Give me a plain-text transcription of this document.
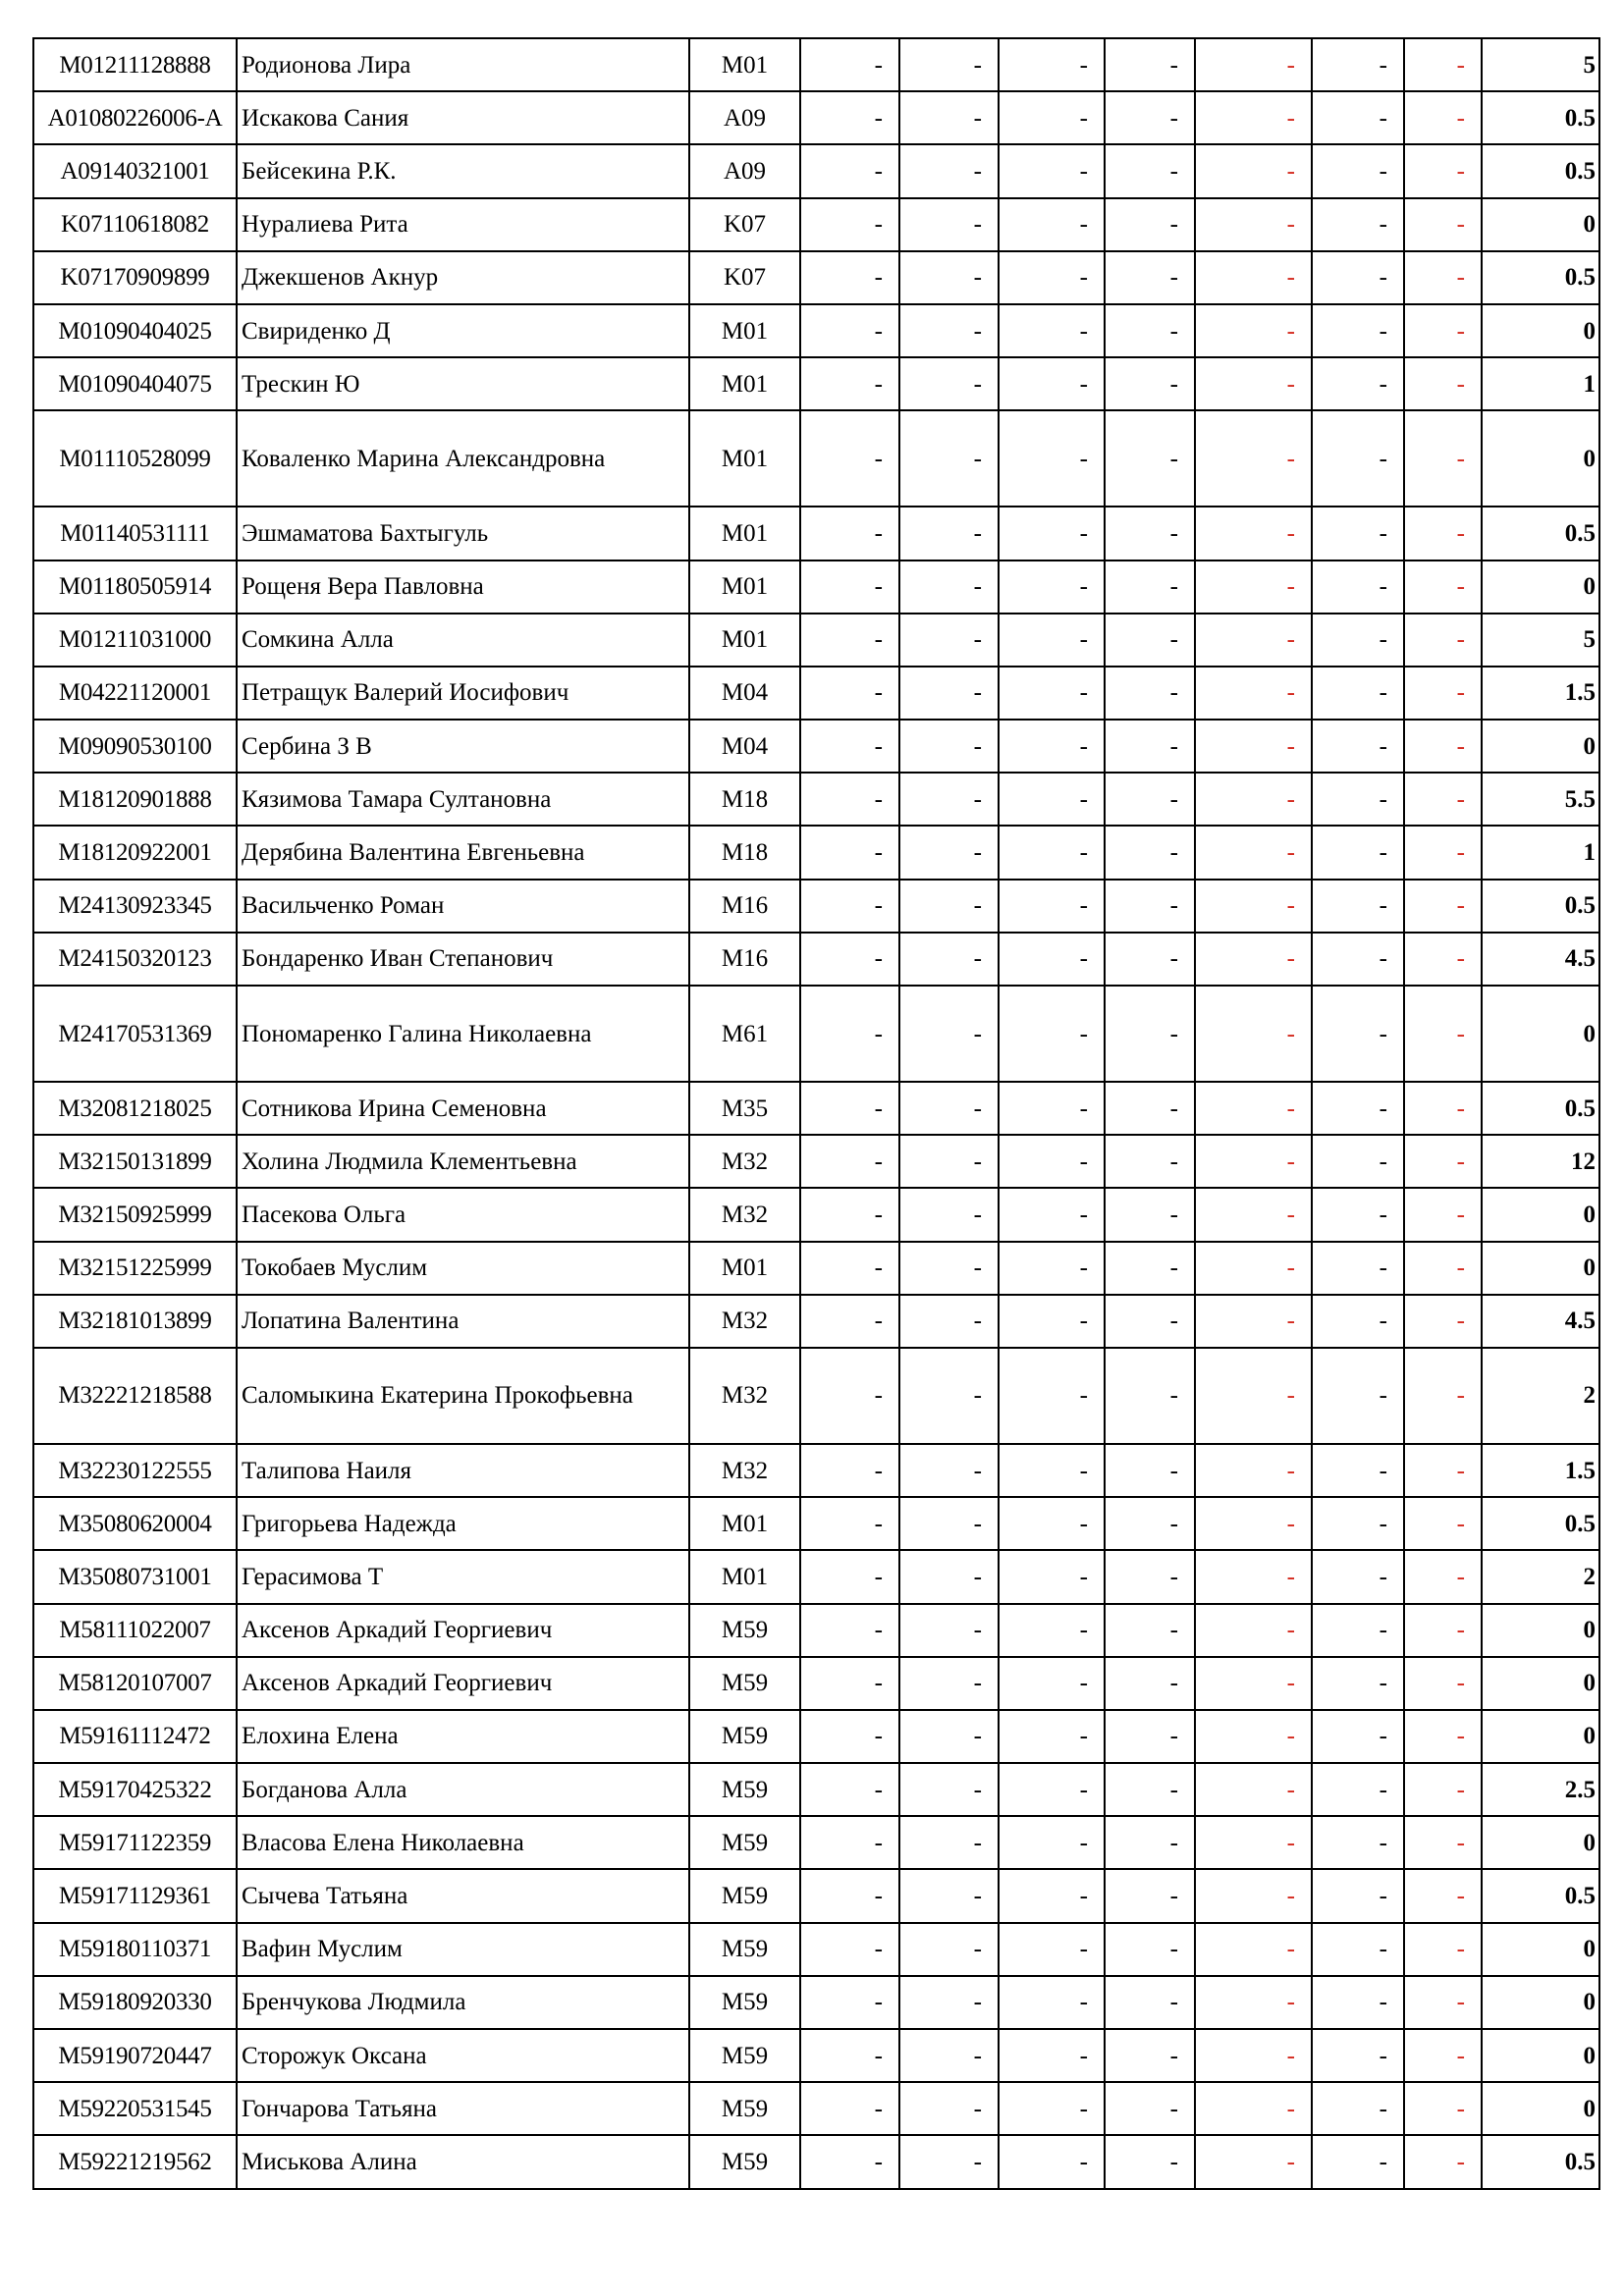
M01211128888	Родионова Лира	M01	-	-	-	-	-	-	-	5
A01080226006-A	Искакова Сания	A09	-	-	-	-	-	-	-	0.5
A09140321001	Бейсекина Р.К.	A09	-	-	-	-	-	-	-	0.5
K07110618082	Нуралиева Рита	K07	-	-	-	-	-	-	-	0
K07170909899	Джекшенов Акнур	K07	-	-	-	-	-	-	-	0.5
M01090404025	Свириденко Д	M01	-	-	-	-	-	-	-	0
M01090404075	Трескин Ю	M01	-	-	-	-	-	-	-	1
M01110528099	Коваленко Марина Александровна	M01	-	-	-	-	-	-	-	0
M01140531111	Эшмаматова Бахтыгуль	M01	-	-	-	-	-	-	-	0.5
M01180505914	Рощеня Вера Павловна	M01	-	-	-	-	-	-	-	0
M01211031000	Сомкина Алла	M01	-	-	-	-	-	-	-	5
M04221120001	Петращук Валерий Иосифович	M04	-	-	-	-	-	-	-	1.5
M09090530100	Сербина З В	M04	-	-	-	-	-	-	-	0
M18120901888	Кязимова Тамара Султановна	M18	-	-	-	-	-	-	-	5.5
M18120922001	Дерябина Валентина Евгеньевна	M18	-	-	-	-	-	-	-	1
M24130923345	Васильченко Роман	M16	-	-	-	-	-	-	-	0.5
M24150320123	Бондаренко Иван Степанович	M16	-	-	-	-	-	-	-	4.5
M24170531369	Пономаренко Галина Николаевна	M61	-	-	-	-	-	-	-	0
M32081218025	Сотникова Ирина Семеновна	M35	-	-	-	-	-	-	-	0.5
M32150131899	Холина Людмила Клементьевна	M32	-	-	-	-	-	-	-	12
M32150925999	Пасекова Ольга	M32	-	-	-	-	-	-	-	0
M32151225999	Токобаев Муслим	M01	-	-	-	-	-	-	-	0
M32181013899	Лопатина Валентина	M32	-	-	-	-	-	-	-	4.5
M32221218588	Саломыкина Екатерина Прокофьевна	M32	-	-	-	-	-	-	-	2
M32230122555	Талипова Наиля	M32	-	-	-	-	-	-	-	1.5
M35080620004	Григорьева Надежда	M01	-	-	-	-	-	-	-	0.5
M35080731001	Герасимова Т	M01	-	-	-	-	-	-	-	2
M58111022007	Аксенов Аркадий Георгиевич	M59	-	-	-	-	-	-	-	0
M58120107007	Аксенов Аркадий Георгиевич	M59	-	-	-	-	-	-	-	0
M59161112472	Елохина Елена	M59	-	-	-	-	-	-	-	0
M59170425322	Богданова Алла	M59	-	-	-	-	-	-	-	2.5
M59171122359	Власова Елена Николаевна	M59	-	-	-	-	-	-	-	0
M59171129361	Сычева Татьяна	M59	-	-	-	-	-	-	-	0.5
M59180110371	Вафин Муслим	M59	-	-	-	-	-	-	-	0
M59180920330	Бренчукова Людмила	M59	-	-	-	-	-	-	-	0
M59190720447	Сторожук Оксана	M59	-	-	-	-	-	-	-	0
M59220531545	Гончарова Татьяна	M59	-	-	-	-	-	-	-	0
M59221219562	Миськова Алина	M59	-	-	-	-	-	-	-	0.5
